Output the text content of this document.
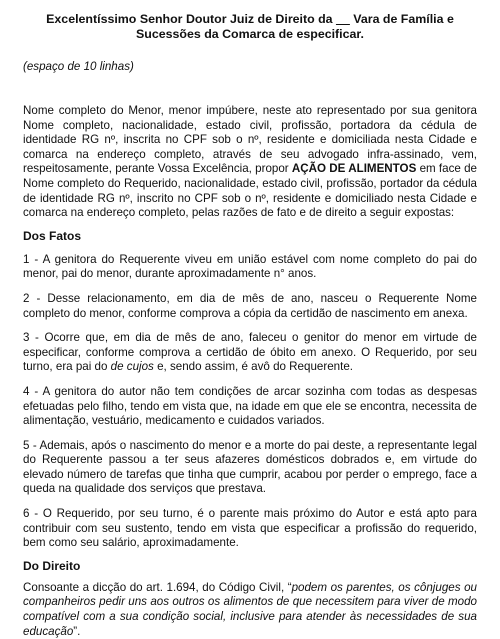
Excelentíssimo Senhor Doutor Juiz de Direito da __ Vara de Família e Sucessões da Comarca de especificar.

(espaço de 10 linhas)

Nome completo do Menor, menor impúbere, neste ato representado por sua genitora Nome completo, nacionalidade, estado civil, profissão, portadora da cédula de identidade RG nº, inscrita no CPF sob o nº, residente e domiciliada nesta Cidade e comarca na endereço completo, através de seu advogado infra-assinado, vem, respeitosamente, perante Vossa Excelência, propor AÇÃO DE ALIMENTOS em face de Nome completo do Requerido, nacionalidade, estado civil, profissão, portador da cédula de identidade RG nº, inscrito no CPF sob o nº, residente e domiciliado nesta Cidade e comarca na endereço completo, pelas razões de fato e de direito a seguir expostas:

Dos Fatos

1 - A genitora do Requerente viveu em união estável com nome completo do pai do menor, pai do menor, durante aproximadamente n° anos.

2 - Desse relacionamento, em dia de mês de ano, nasceu o Requerente Nome completo do menor, conforme comprova a cópia da certidão de nascimento em anexa.

3 - Ocorre que, em dia de mês de ano, faleceu o genitor do menor em virtude de especificar, conforme comprova a certidão de óbito em anexo. O Requerido, por seu turno, era pai do de cujos e, sendo assim, é avô do Requerente.

4 - A genitora do autor não tem condições de arcar sozinha com todas as despesas efetuadas pelo filho, tendo em vista que, na idade em que ele se encontra, necessita de alimentação, vestuário, medicamento e cuidados variados.

5 - Ademais, após o nascimento do menor e a morte do pai deste, a representante legal do Requerente passou a ter seus afazeres domésticos dobrados e, em virtude do elevado número de tarefas que tinha que cumprir, acabou por perder o emprego, face a queda na qualidade dos serviços que prestava.

6 - O Requerido, por seu turno, é o parente mais próximo do Autor e está apto para contribuir com seu sustento, tendo em vista que especificar a profissão do requerido, bem como seu salário, aproximadamente.

Do Direito

Consoante a dicção do art. 1.694, do Código Civil, “podem os parentes, os cônjuges ou companheiros pedir uns aos outros os alimentos de que necessitem para viver de modo compatível com a sua condição social, inclusive para atender às necessidades de sua educação”.
